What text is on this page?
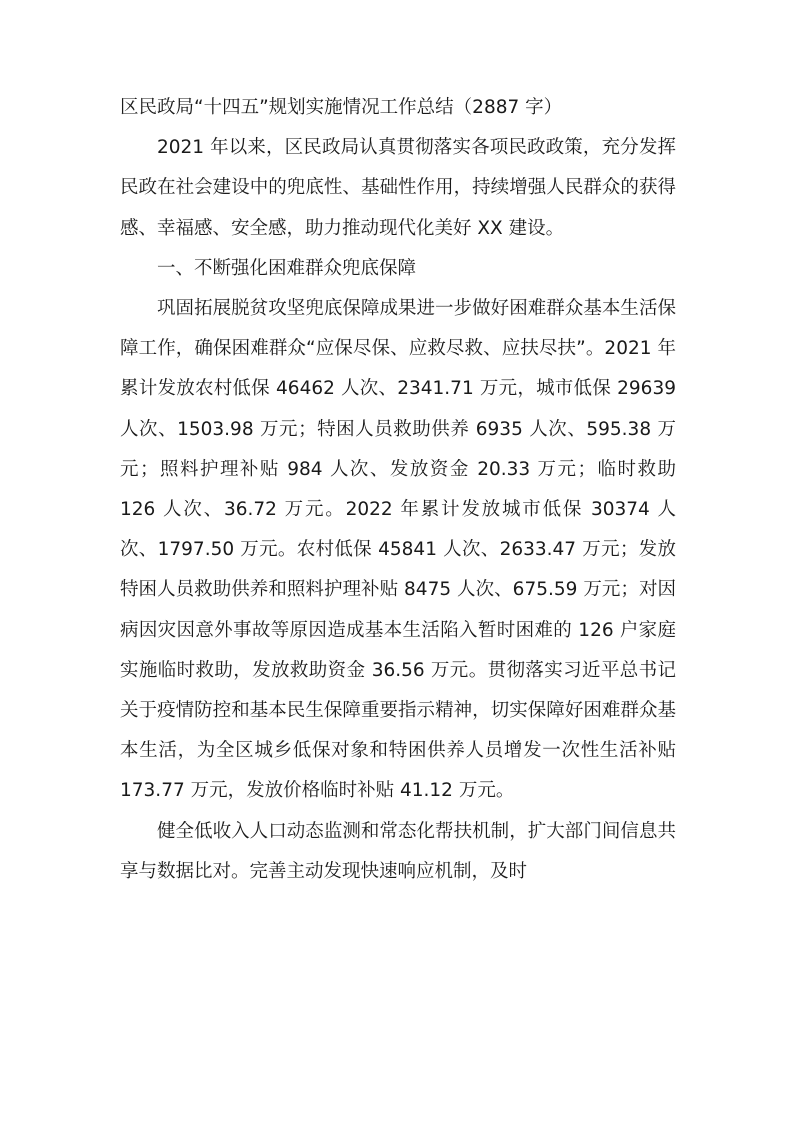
区民政局“十四五”规划实施情况工作总结（2887 字）

2021 年以来，区民政局认真贯彻落实各项民政政策，充分发挥民政在社会建设中的兜底性、基础性作用，持续增强人民群众的获得感、幸福感、安全感，助力推动现代化美好 XX 建设。

一、不断强化困难群众兜底保障

巩固拓展脱贫攻坚兜底保障成果进一步做好困难群众基本生活保障工作，确保困难群众“应保尽保、应救尽救、应扶尽扶”。2021 年累计发放农村低保 46462 人次、2341.71 万元，城市低保 29639 人次、1503.98 万元；特困人员救助供养 6935 人次、595.38 万元；照料护理补贴 984 人次、发放资金 20.33 万元；临时救助 126 人次、36.72 万元。2022 年累计发放城市低保 30374 人次、1797.50 万元。农村低保 45841 人次、2633.47 万元；发放特困人员救助供养和照料护理补贴 8475 人次、675.59 万元；对因病因灾因意外事故等原因造成基本生活陷入暂时困难的 126 户家庭实施临时救助，发放救助资金 36.56 万元。贯彻落实习近平总书记关于疫情防控和基本民生保障重要指示精神，切实保障好困难群众基本生活，为全区城乡低保对象和特困供养人员增发一次性生活补贴 173.77 万元，发放价格临时补贴 41.12 万元。

健全低收入人口动态监测和常态化帮扶机制，扩大部门间信息共享与数据比对。完善主动发现快速响应机制，及时
